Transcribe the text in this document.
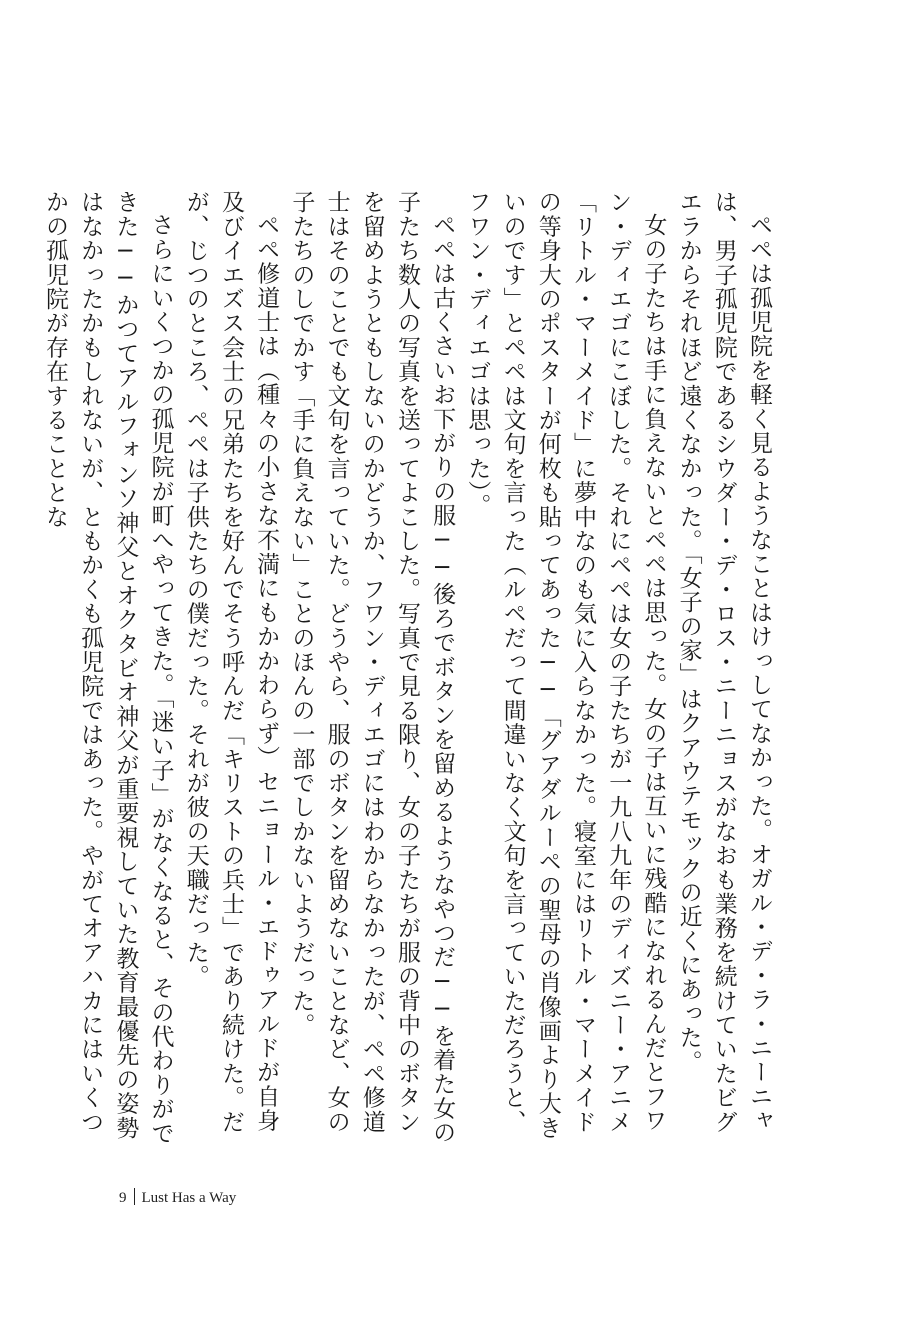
ペペは孤児院を軽く見るようなことはけっしてなかった。オガル・デ・ラ・ニーニャは、男子孤児院であるシウダー・デ・ロス・ニーニョスがなおも業務を続けていたビグエラからそれほど遠くなかった。「女子の家」はクアウテモックの近くにあった。

女の子たちは手に負えないとペペは思った。女の子は互いに残酷になれるんだとフワン・ディエゴにこぼした。それにペペは女の子たちが一九八九年のディズニー・アニメ「リトル・マーメイド」に夢中なのも気に入らなかった。寝室にはリトル・マーメイドの等身大のポスターが何枚も貼ってあった──「グアダルーペの聖母の肖像画より大きいのです」とペペは文句を言った（ルペだって間違いなく文句を言っていただろうと、フワン・ディエゴは思った）。

ペペは古くさいお下がりの服──後ろでボタンを留めるようなやつだ──を着た女の子たち数人の写真を送ってよこした。写真で見る限り、女の子たちが服の背中のボタンを留めようともしないのかどうか、フワン・ディエゴにはわからなかったが、ペペ修道士はそのことでも文句を言っていた。どうやら、服のボタンを留めないことなど、女の子たちのしでかす「手に負えない」ことのほんの一部でしかないようだった。

ペペ修道士は（種々の小さな不満にもかかわらず）セニョール・エドゥアルドが自身及びイエズス会士の兄弟たちを好んでそう呼んだ「キリストの兵士」であり続けた。だが、じつのところ、ペペは子供たちの僕だった。それが彼の天職だった。

さらにいくつかの孤児院が町へやってきた。「迷い子」がなくなると、その代わりができた──かつてアルフォンソ神父とオクタビオ神父が重要視していた教育最優先の姿勢はなかったかもしれないが、ともかくも孤児院ではあった。やがてオアハカにはいくつかの孤児院が存在することとな

9 Lust Has a Way
